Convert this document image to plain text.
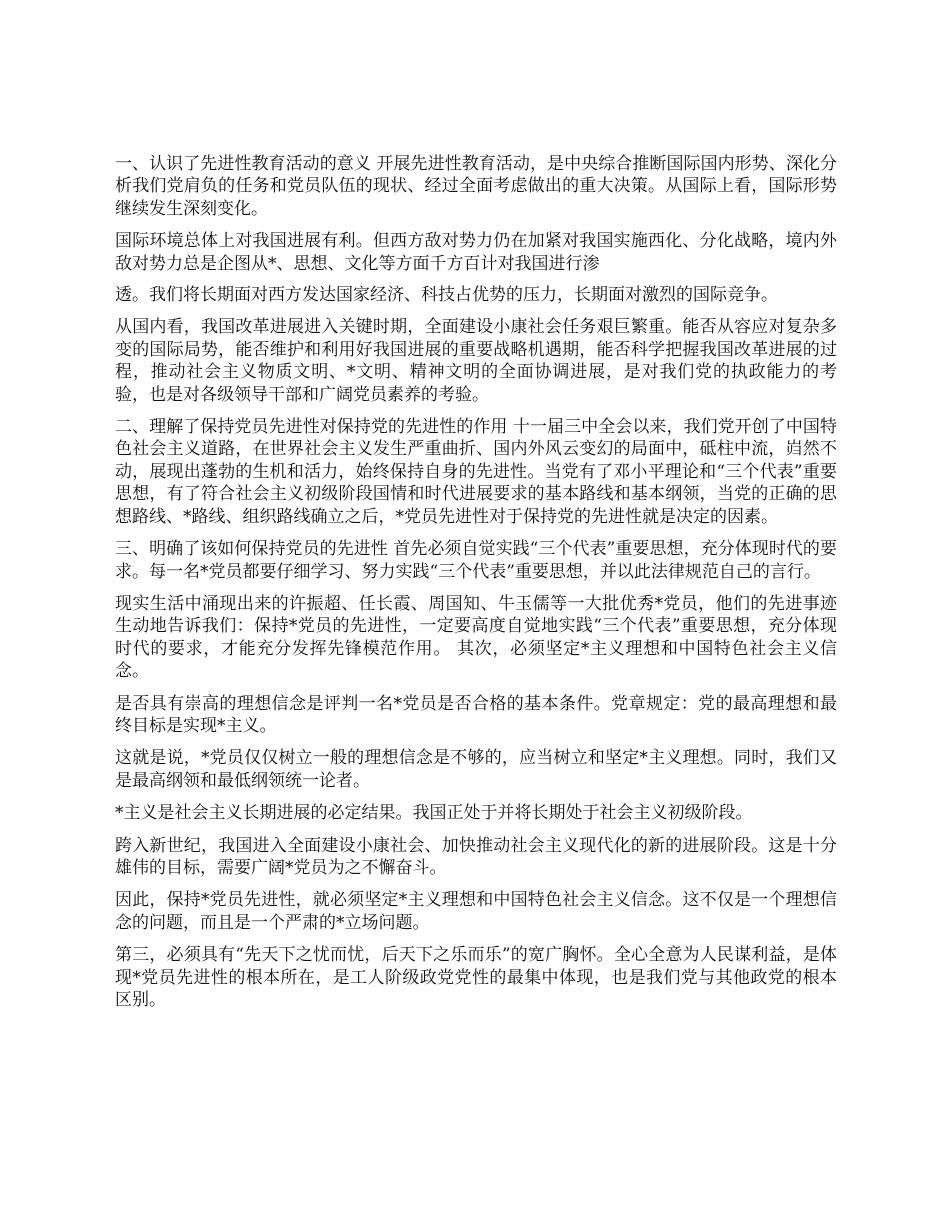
一、认识了先进性教育活动的意义 开展先进性教育活动，是中央综合推断国际国内形势、深化分析我们党肩负的任务和党员队伍的现状、经过全面考虑做出的重大决策。从国际上看，国际形势继续发生深刻变化。

国际环境总体上对我国进展有利。但西方敌对势力仍在加紧对我国实施西化、分化战略，境内外敌对势力总是企图从*、思想、文化等方面千方百计对我国进行渗

透。我们将长期面对西方发达国家经济、科技占优势的压力，长期面对激烈的国际竞争。

从国内看，我国改革进展进入关键时期，全面建设小康社会任务艰巨繁重。能否从容应对复杂多变的国际局势，能否维护和利用好我国进展的重要战略机遇期，能否科学把握我国改革进展的过程，推动社会主义物质文明、*文明、精神文明的全面协调进展，是对我们党的执政能力的考验，也是对各级领导干部和广阔党员素养的考验。

二、理解了保持党员先进性对保持党的先进性的作用 十一届三中全会以来，我们党开创了中国特色社会主义道路，在世界社会主义发生严重曲折、国内外风云变幻的局面中，砥柱中流，岿然不动，展现出蓬勃的生机和活力，始终保持自身的先进性。当党有了邓小平理论和“三个代表”重要思想，有了符合社会主义初级阶段国情和时代进展要求的基本路线和基本纲领，当党的正确的思想路线、*路线、组织路线确立之后，*党员先进性对于保持党的先进性就是决定的因素。

三、明确了该如何保持党员的先进性 首先必须自觉实践“三个代表”重要思想，充分体现时代的要求。每一名*党员都要仔细学习、努力实践“三个代表”重要思想，并以此法律规范自己的言行。

现实生活中涌现出来的许振超、任长霞、周国知、牛玉儒等一大批优秀*党员，他们的先进事迹生动地告诉我们：保持*党员的先进性，一定要高度自觉地实践“三个代表”重要思想，充分体现时代的要求，才能充分发挥先锋模范作用。 其次，必须坚定*主义理想和中国特色社会主义信念。

是否具有崇高的理想信念是评判一名*党员是否合格的基本条件。党章规定：党的最高理想和最终目标是实现*主义。

这就是说，*党员仅仅树立一般的理想信念是不够的，应当树立和坚定*主义理想。同时，我们又是最高纲领和最低纲领统一论者。

*主义是社会主义长期进展的必定结果。我国正处于并将长期处于社会主义初级阶段。

跨入新世纪，我国进入全面建设小康社会、加快推动社会主义现代化的新的进展阶段。这是十分雄伟的目标，需要广阔*党员为之不懈奋斗。

因此，保持*党员先进性，就必须坚定*主义理想和中国特色社会主义信念。这不仅是一个理想信念的问题，而且是一个严肃的*立场问题。

第三，必须具有“先天下之忧而忧，后天下之乐而乐”的宽广胸怀。全心全意为人民谋利益，是体现*党员先进性的根本所在，是工人阶级政党党性的最集中体现，也是我们党与其他政党的根本区别。
